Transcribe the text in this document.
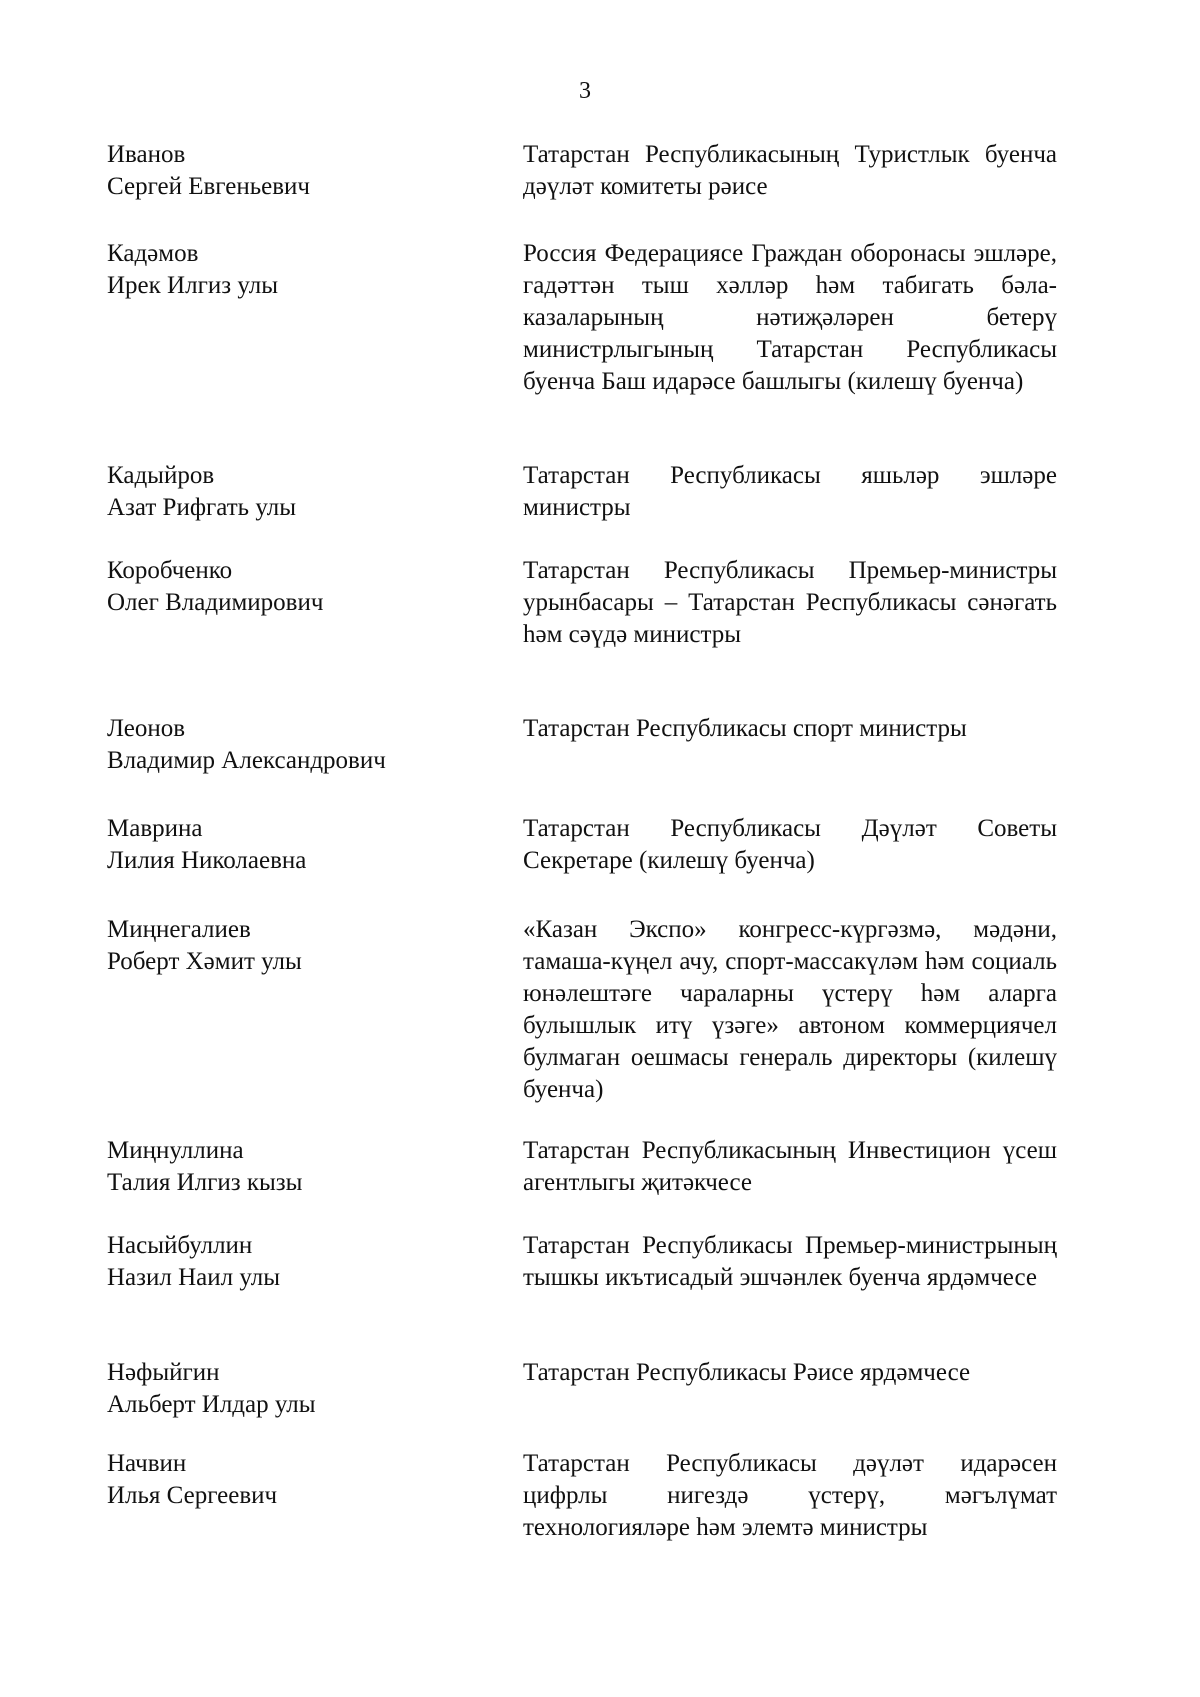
3
Иванов
Сергей Евгеньевич
Татарстан Республикасының Туристлык буенча дәүләт комитеты рәисе
Кадәмов
Ирек Илгиз улы
Россия Федерациясе Граждан оборонасы эшләре, гадәттән тыш хәлләр һәм табигать бәла-казаларының нәтиҗәләрен бетерү министрлыгының Татарстан Республикасы буенча Баш идарәсе башлыгы (килешү буенча)
Кадыйров
Азат Рифгать улы
Татарстан Республикасы яшьләр эшләре министры
Коробченко
Олег Владимирович
Татарстан Республикасы Премьер-министры урынбасары – Татарстан Республикасы сәнәгать һәм сәүдә министры
Леонов
Владимир Александрович
Татарстан Республикасы спорт министры
Маврина
Лилия Николаевна
Татарстан Республикасы Дәүләт Советы Секретаре (килешү буенча)
Миңнегалиев
Роберт Хәмит улы
«Казан Экспо» конгресс-күргәзмә, мәдәни, тамаша-күңел ачу, спорт-массакүләм һәм социаль юнәлештәге чараларны үстерү һәм аларга булышлык итү үзәге» автоном коммерциячел булмаган оешмасы генераль директоры (килешү буенча)
Миңнуллина
Талия Илгиз кызы
Татарстан Республикасының Инвестицион үсеш агентлыгы җитәкчесе
Насыйбуллин
Назил Наил улы
Татарстан Республикасы Премьер-министрының тышкы икътисадый эшчәнлек буенча ярдәмчесе
Нәфыйгин
Альберт Илдар улы
Татарстан Республикасы Рәисе ярдәмчесе
Начвин
Илья Сергеевич
Татарстан Республикасы дәүләт идарәсен цифрлы нигездә үстерү, мәгълүмат технологияләре һәм элемтә министры
